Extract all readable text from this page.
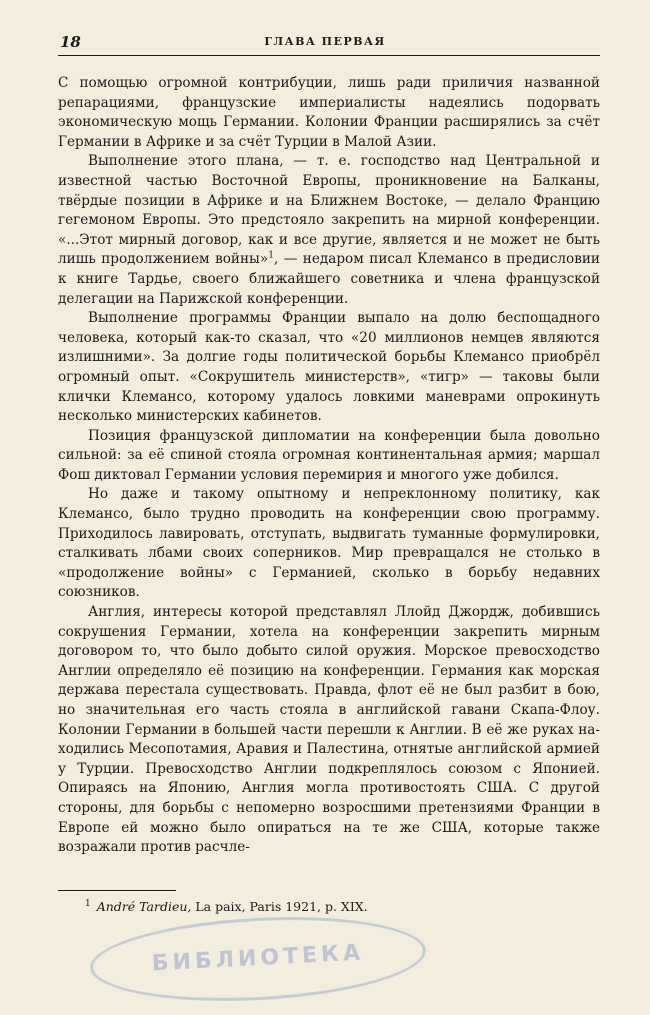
18	ГЛАВА ПЕРВАЯ

С помощью огромной контрибуции, лишь ради приличия названной репарациями, французские империалисты надеялись подорвать экономическую мощь Германии. Колонии Франции расширялись за счёт Германии в Африке и за счёт Турции в Малой Азии.

Выполнение этого плана, — т. е. господство над Центральной и известной частью Восточной Европы, проникновение на Балканы, твёрдые позиции в Африке и на Ближнем Востоке, — делало Францию гегемоном Европы. Это предстояло закрепить на мирной конференции. «...Этот мирный договор, как и все другие, является и не может не быть лишь продолжением войны»$^1$, — недаром писал Клемансо в предисловии к книге Тардье, своего ближайшего советника и члена французской делегации на Парижской конференции.

Выполнение программы Франции выпало на долю беспощадного человека, который как-то сказал, что «20 миллионов немцев являются излишними». За долгие годы политической борьбы Клемансо приобрёл огромный опыт. «Сокрушитель министерств», «тигр» — таковы были клички Клемансо, которому удалось ловкими маневрами опрокинуть несколько министерских кабинетов.

Позиция французской дипломатии на конференции была довольно сильной: за её спиной стояла огромная континентальная армия; маршал Фош диктовал Германии условия перемирия и многого уже добился.

Но даже и такому опытному и непреклонному политику, как Клемансо, было трудно проводить на конференции свою программу. Приходилось лавировать, отступать, выдвигать туманные формулировки, сталкивать лбами своих соперников. Мир превращался не столько в «продолжение войны» с Германией, сколько в борьбу недавних союзников.

Англия, интересы которой представлял Ллойд Джордж, добившись сокрушения Германии, хотела на конференции закрепить мирным договором то, что было добыто силой оружия. Морское превосходство Англии определяло её позицию на конференции. Германия как морская держава перестала существовать. Правда, флот её не был разбит в бою, но значительная его часть стояла в английской гавани Скапа-Флоу. Колонии Германии в большей части перешли к Англии. В её же руках находились Месопотамия, Аравия и Палестина, отнятые английской армией у Турции. Превосходство Англии подкреплялось союзом с Японией. Опираясь на Японию, Англия могла противостоять США. С другой стороны, для борьбы с непомерно возросшими претензиями Франции в Европе ей можно было опираться на те же США, которые также возражали против расчле-

$^1$ André Tardieu, La paix, Paris 1921, p. XIX.
БИБЛИОТЕКА
